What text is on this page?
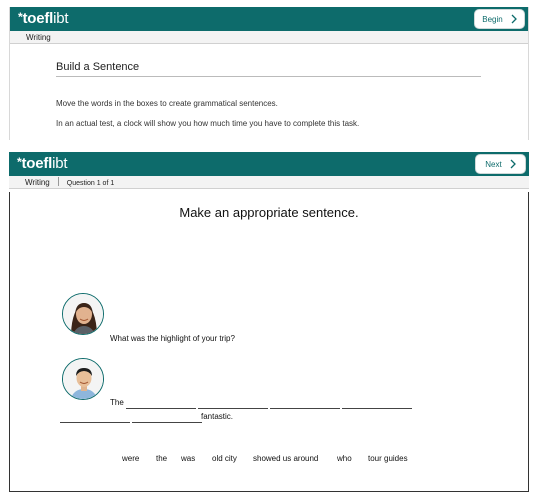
*toeflibt	Begin
Writing
Build a Sentence
Move the words in the boxes to create grammatical sentences.
In an actual test, a clock will show you how much time you have to complete this task.
*toeflibt	Next
Writing Question 1 of 1
Make an appropriate sentence.
What was the highlight of your trip?
The
fantastic.
were the was old city showed us around who tour guides
